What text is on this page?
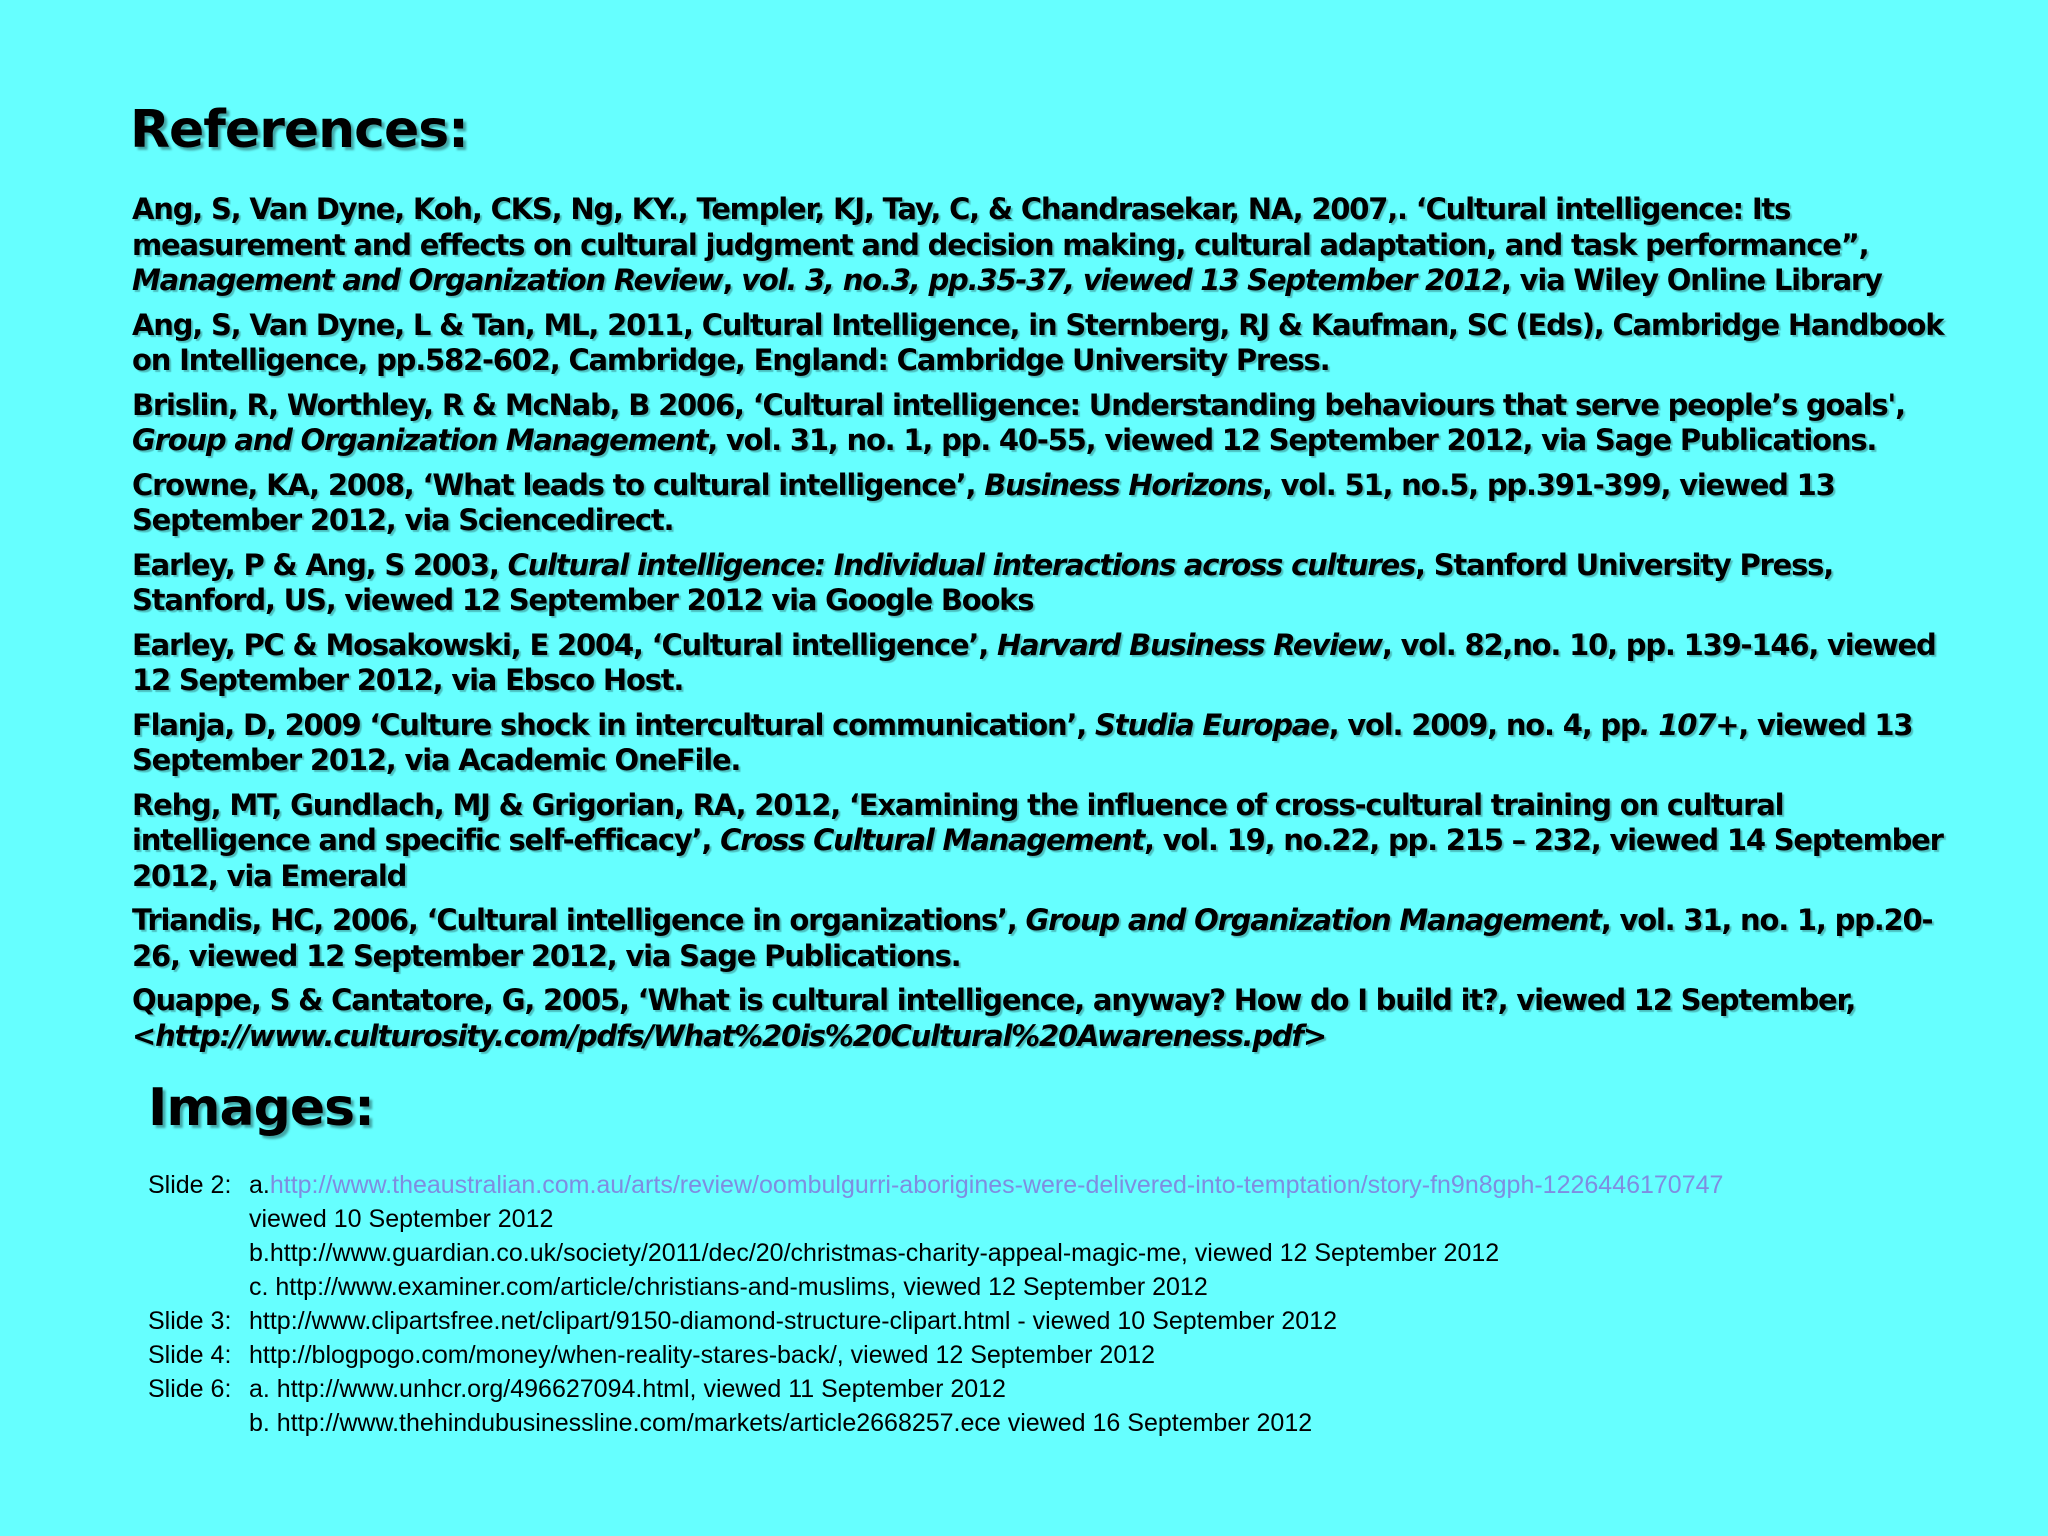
References:
Ang, S, Van Dyne, Koh, CKS, Ng, KY., Templer, KJ, Tay, C, & Chandrasekar, NA, 2007,. ‘Cultural intelligence: Its
measurement and effects on cultural judgment and decision making, cultural adaptation, and task performance”,
Management and Organization Review, vol. 3, no.3, pp.35-37, viewed 13 September 2012, via Wiley Online Library
Ang, S, Van Dyne, L & Tan, ML, 2011, Cultural Intelligence, in Sternberg, RJ & Kaufman, SC (Eds), Cambridge Handbook
on Intelligence, pp.582-602, Cambridge, England: Cambridge University Press.
Brislin, R, Worthley, R & McNab, B 2006, ‘Cultural intelligence: Understanding behaviours that serve people’s goals',
Group and Organization Management, vol. 31, no. 1, pp. 40-55, viewed 12 September 2012, via Sage Publications.
Crowne, KA, 2008, ‘What leads to cultural intelligence’, Business Horizons, vol. 51, no.5, pp.391-399, viewed 13
September 2012, via Sciencedirect.
Earley, P & Ang, S 2003, Cultural intelligence: Individual interactions across cultures, Stanford University Press,
Stanford, US, viewed 12 September 2012 via Google Books
Earley, PC & Mosakowski, E 2004, ‘Cultural intelligence’, Harvard Business Review, vol. 82,no. 10, pp. 139-146, viewed
12 September 2012, via Ebsco Host.
Flanja, D, 2009 ‘Culture shock in intercultural communication’, Studia Europae, vol. 2009, no. 4, pp. 107+, viewed 13
September 2012, via Academic OneFile.
Rehg, MT, Gundlach, MJ & Grigorian, RA, 2012, ‘Examining the influence of cross-cultural training on cultural
intelligence and specific self-efficacy’, Cross Cultural Management, vol. 19, no.22, pp. 215 – 232, viewed 14 September
2012, via Emerald
Triandis, HC, 2006, ‘Cultural intelligence in organizations’, Group and Organization Management, vol. 31, no. 1, pp.20-
26, viewed 12 September 2012, via Sage Publications.
Quappe, S & Cantatore, G, 2005, ‘What is cultural intelligence, anyway? How do I build it?, viewed 12 September,
<http://www.culturosity.com/pdfs/What%20is%20Cultural%20Awareness.pdf>
Images:
Slide 2: a.http://www.theaustralian.com.au/arts/review/oombulgurri-aborigines-were-delivered-into-temptation/story-fn9n8gph-1226446170747
viewed 10 September 2012
b.http://www.guardian.co.uk/society/2011/dec/20/christmas-charity-appeal-magic-me, viewed 12 September 2012
c. http://www.examiner.com/article/christians-and-muslims, viewed 12 September 2012
Slide 3: http://www.clipartsfree.net/clipart/9150-diamond-structure-clipart.html - viewed 10 September 2012
Slide 4: http://blogpogo.com/money/when-reality-stares-back/, viewed 12 September 2012
Slide 6: a. http://www.unhcr.org/496627094.html, viewed 11 September 2012
b. http://www.thehindubusinessline.com/markets/article2668257.ece viewed 16 September 2012
